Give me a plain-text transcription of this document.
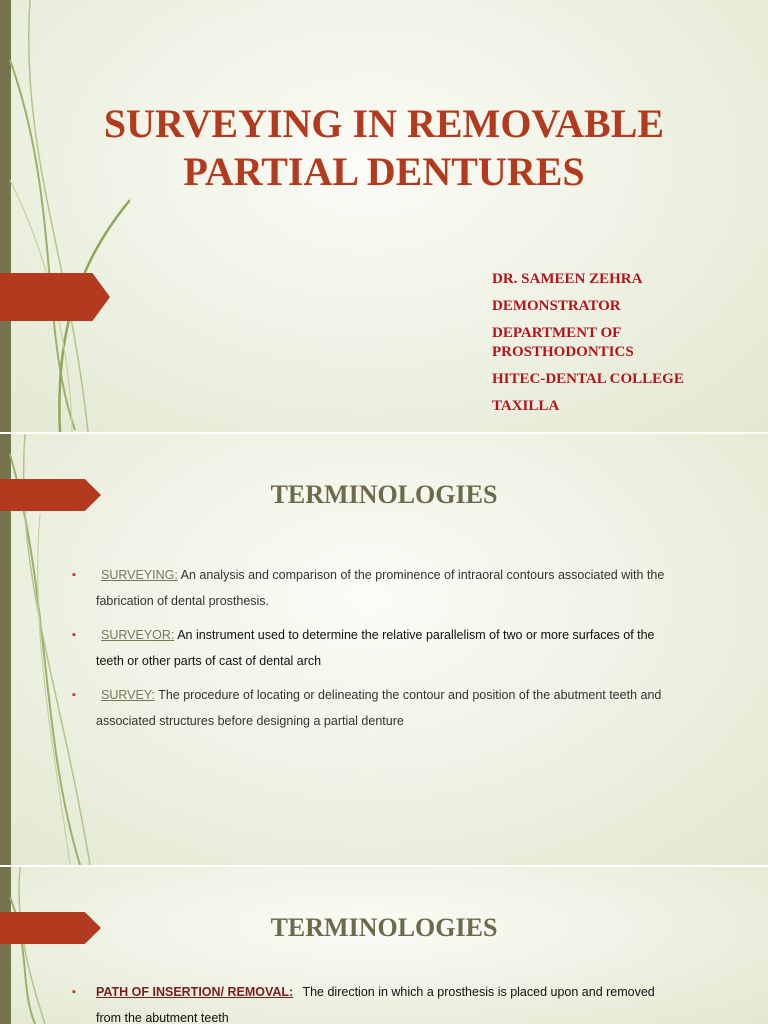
SURVEYING IN REMOVABLE
PARTIAL DENTURES
DR. SAMEEN ZEHRA
DEMONSTRATOR
DEPARTMENT OF PROSTHODONTICS
HITEC-DENTAL COLLEGE
TAXILLA
TERMINOLOGIES
▪ SURVEYING: An analysis and comparison of the prominence of intraoral contours associated with the fabrication of dental prosthesis.
▪ SURVEYOR: An instrument used to determine the relative parallelism of two or more surfaces of the teeth or other parts of cast of dental arch
▪ SURVEY: The procedure of locating or delineating the contour and position of the abutment teeth and associated structures before designing a partial denture
TERMINOLOGIES
▪ PATH OF INSERTION/ REMOVAL: The direction in which a prosthesis is placed upon and removed from the abutment teeth
